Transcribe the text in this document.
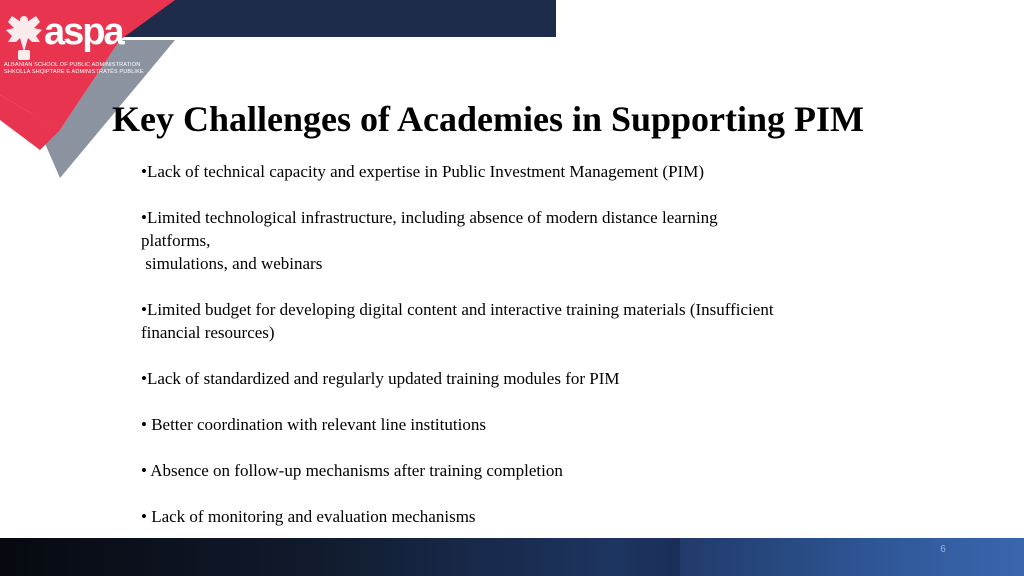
aspa
ALBANIAN SCHOOL OF PUBLIC ADMINISTRATION
SHKOLLA SHQIPTARE E ADMINISTRATËS PUBLIKE
Key Challenges of Academies in Supporting PIM
•Lack of technical capacity and expertise in Public Investment Management (PIM)
•Limited technological infrastructure, including absence of modern distance learning
platforms,
simulations, and webinars
•Limited budget for developing digital content and interactive training materials (Insufficient
financial resources)
•Lack of standardized and regularly updated training modules for PIM
• Better coordination with relevant line institutions
• Absence on follow-up mechanisms after training completion
• Lack of monitoring and evaluation mechanisms
6
